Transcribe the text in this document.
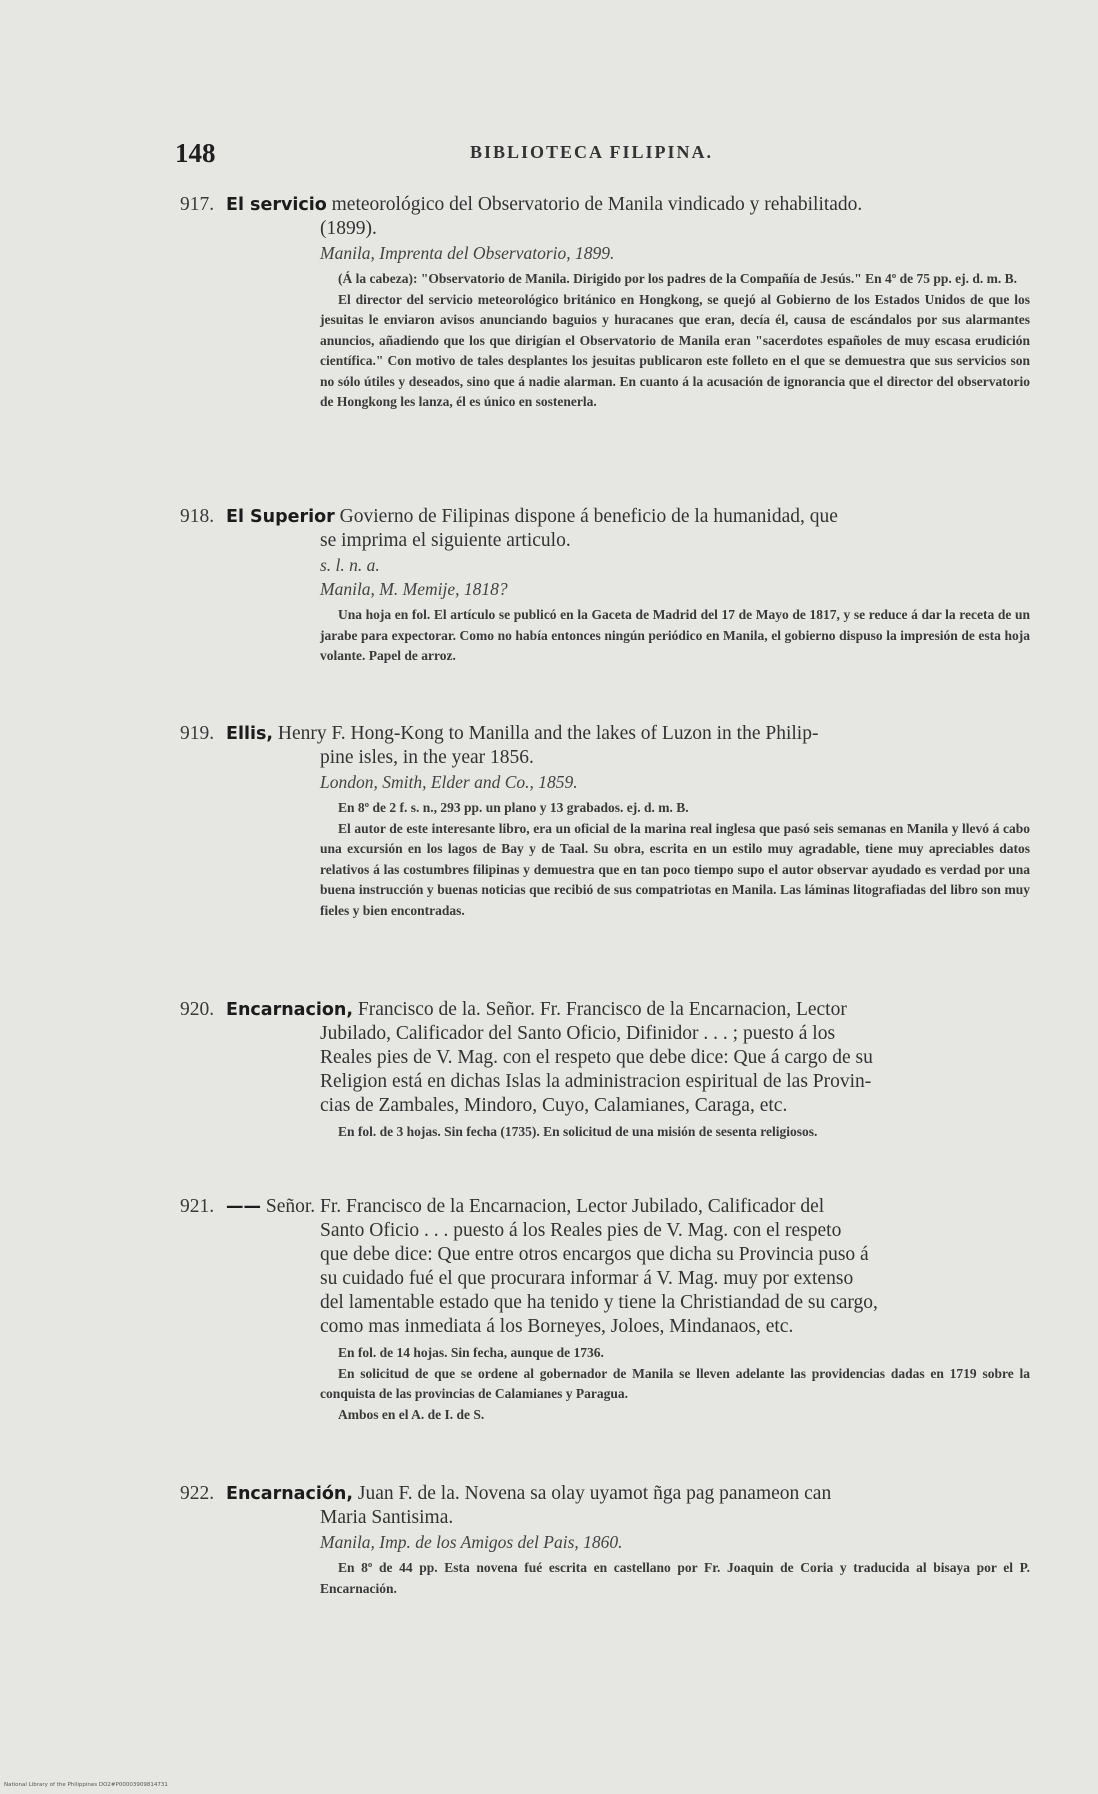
148	BIBLIOTECA FILIPINA.
917. El servicio meteorológico del Observatorio de Manila vindicado y rehabilitado.
(1899).
Manila, Imprenta del Observatorio, 1899.

(Á la cabeza): "Observatorio de Manila. Dirigido por los padres de la Compañía de Jesús." En 4º de 75 pp. ej. d. m. B.

El director del servicio meteorológico británico en Hongkong, se quejó al Gobierno de los Estados Unidos de que los jesuitas le enviaron avisos anunciando baguios y huracanes que eran, decía él, causa de escándalos por sus alarmantes anuncios, añadiendo que los que dirigían el Observatorio de Manila eran "sacerdotes españoles de muy escasa erudición científica." Con motivo de tales desplantes los jesuitas publicaron este folleto en el que se demuestra que sus servicios son no sólo útiles y deseados, sino que á nadie alarman. En cuanto á la acusación de ignorancia que el director del observatorio de Hongkong les lanza, él es único en sostenerla.

918. El Superior Govierno de Filipinas dispone á beneficio de la humanidad, que
se imprima el siguiente articulo.
s. l. n. a.
Manila, M. Memije, 1818?

Una hoja en fol. El artículo se publicó en la Gaceta de Madrid del 17 de Mayo de 1817, y se reduce á dar la receta de un jarabe para expectorar. Como no había entonces ningún periódico en Manila, el gobierno dispuso la impresión de esta hoja volante. Papel de arroz.

919. Ellis, Henry F. Hong-Kong to Manilla and the lakes of Luzon in the Philip-
pine isles, in the year 1856.
London, Smith, Elder and Co., 1859.

En 8º de 2 f. s. n., 293 pp. un plano y 13 grabados. ej. d. m. B.

El autor de este interesante libro, era un oficial de la marina real inglesa que pasó seis semanas en Manila y llevó á cabo una excursión en los lagos de Bay y de Taal. Su obra, escrita en un estilo muy agradable, tiene muy apreciables datos relativos á las costumbres filipinas y demuestra que en tan poco tiempo supo el autor observar ayudado es verdad por una buena instrucción y buenas noticias que recibió de sus compatriotas en Manila. Las láminas litografiadas del libro son muy fieles y bien encontradas.

920. Encarnacion, Francisco de la. Señor. Fr. Francisco de la Encarnacion, Lector
Jubilado, Calificador del Santo Oficio, Difinidor . . . ; puesto á los
Reales pies de V. Mag. con el respeto que debe dice: Que á cargo de su
Religion está en dichas Islas la administracion espiritual de las Provin-
cias de Zambales, Mindoro, Cuyo, Calamianes, Caraga, etc.

En fol. de 3 hojas. Sin fecha (1735). En solicitud de una misión de sesenta religiosos.

921. —— Señor. Fr. Francisco de la Encarnacion, Lector Jubilado, Calificador del
Santo Oficio . . . puesto á los Reales pies de V. Mag. con el respeto
que debe dice: Que entre otros encargos que dicha su Provincia puso á
su cuidado fué el que procurara informar á V. Mag. muy por extenso
del lamentable estado que ha tenido y tiene la Christiandad de su cargo,
como mas inmediata á los Borneyes, Joloes, Mindanaos, etc.

En fol. de 14 hojas. Sin fecha, aunque de 1736.

En solicitud de que se ordene al gobernador de Manila se lleven adelante las providencias dadas en 1719 sobre la conquista de las provincias de Calamianes y Paragua.

Ambos en el A. de I. de S.

922. Encarnación, Juan F. de la. Novena sa olay uyamot ñga pag panameon can
Maria Santisima.
Manila, Imp. de los Amigos del Pais, 1860.

En 8º de 44 pp. Esta novena fué escrita en castellano por Fr. Joaquin de Coria y traducida al bisaya por el P. Encarnación.

National Library of the Philippines DO2#P00003909814731
